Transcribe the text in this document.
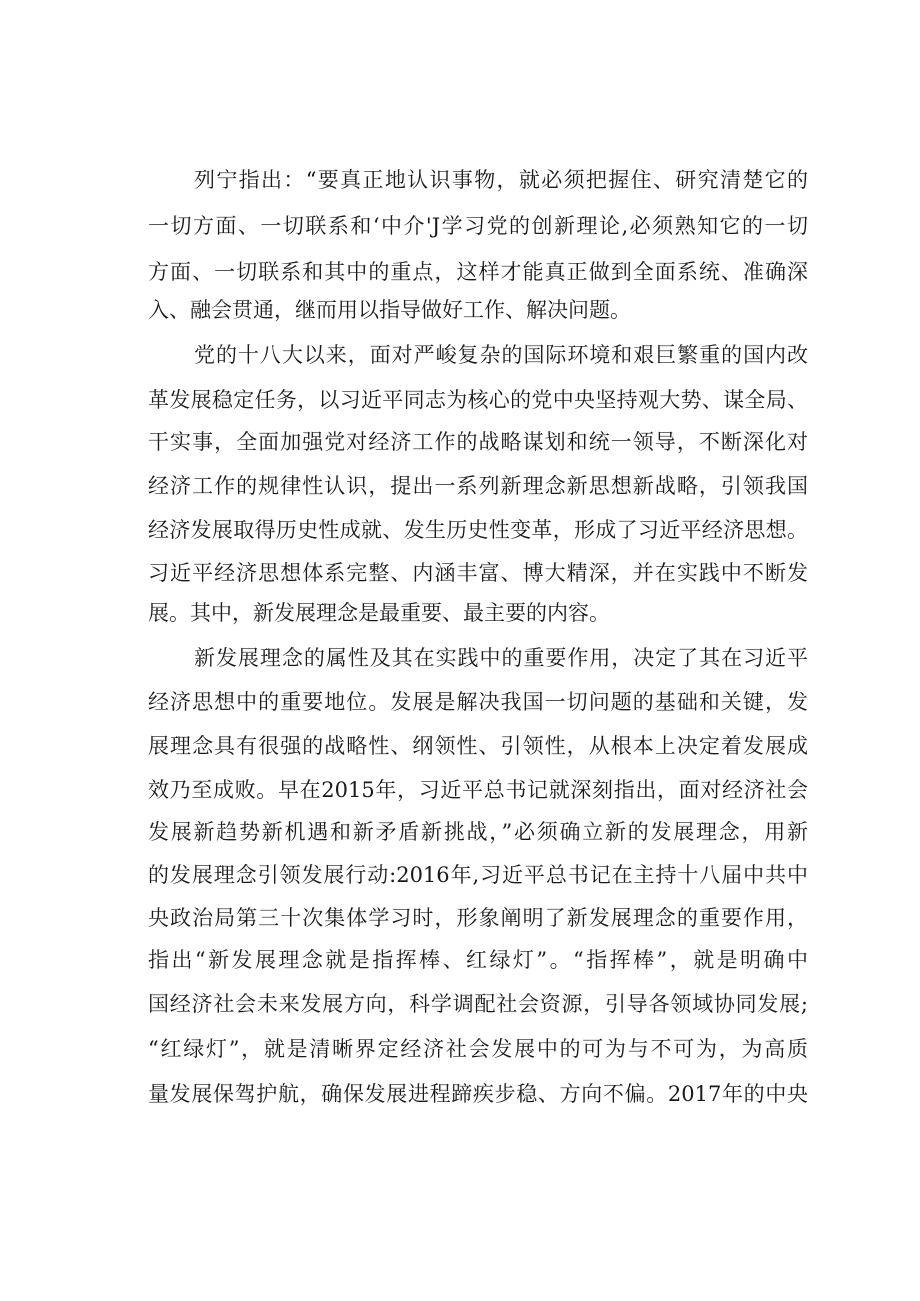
列宁指出：“要真正地认识事物，就必须把握住、研究清楚它的
一切方面、一切联系和‘中介'J学习党的创新理论,必须熟知它的一切
方面、一切联系和其中的重点，这样才能真正做到全面系统、准确深
入、融会贯通，继而用以指导做好工作、解决问题。
党的十八大以来，面对严峻复杂的国际环境和艰巨繁重的国内改
革发展稳定任务，以习近平同志为核心的党中央坚持观大势、谋全局、
干实事，全面加强党对经济工作的战略谋划和统一领导，不断深化对
经济工作的规律性认识，提出一系列新理念新思想新战略，引领我国
经济发展取得历史性成就、发生历史性变革，形成了习近平经济思想。
习近平经济思想体系完整、内涵丰富、博大精深，并在实践中不断发
展。其中，新发展理念是最重要、最主要的内容。
新发展理念的属性及其在实践中的重要作用，决定了其在习近平
经济思想中的重要地位。发展是解决我国一切问题的基础和关键，发
展理念具有很强的战略性、纲领性、引领性，从根本上决定着发展成
效乃至成败。早在2015年，习近平总书记就深刻指出，面对经济社会
发展新趋势新机遇和新矛盾新挑战，”必须确立新的发展理念，用新
的发展理念引领发展行动:2016年,习近平总书记在主持十八届中共中
央政治局第三十次集体学习时，形象阐明了新发展理念的重要作用，
指出“新发展理念就是指挥棒、红绿灯”。“指挥棒”，就是明确中
国经济社会未来发展方向，科学调配社会资源，引导各领域协同发展;
“红绿灯”，就是清晰界定经济社会发展中的可为与不可为，为高质
量发展保驾护航，确保发展进程蹄疾步稳、方向不偏。2017年的中央
